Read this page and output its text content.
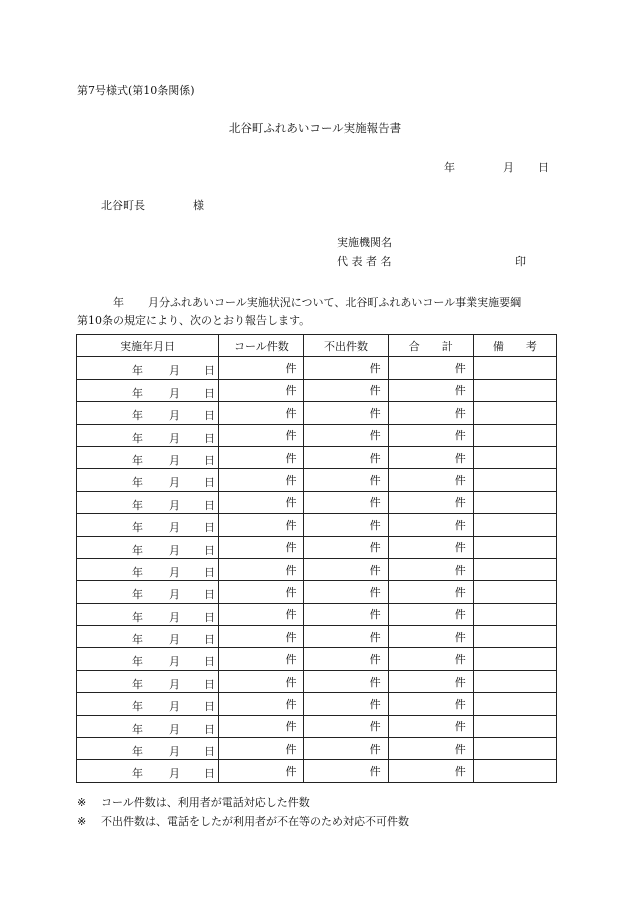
第7号様式(第10条関係)
北谷町ふれあいコール実施報告書
年	月 日
北谷町長	様
実施機関名
代 表 者 名	印
年 月分ふれあいコール実施状況について、北谷町ふれあいコール事業実施要綱
第10条の規定により、次のとおり報告します。
実施年月日	コール件数	不出件数	合　　計	備　　考

年 月 日	件	件	件	

年 月 日	件	件	件	

年 月 日	件	件	件	

年 月 日	件	件	件	

年 月 日	件	件	件	

年 月 日	件	件	件	

年 月 日	件	件	件	

年 月 日	件	件	件	

年 月 日	件	件	件	

年 月 日	件	件	件	

年 月 日	件	件	件	

年 月 日	件	件	件	

年 月 日	件	件	件	

年 月 日	件	件	件	

年 月 日	件	件	件	

年 月 日	件	件	件	

年 月 日	件	件	件	

年 月 日	件	件	件	

年 月 日	件	件	件	
※ コール件数は、利用者が電話対応した件数
※ 不出件数は、電話をしたが利用者が不在等のため対応不可件数
